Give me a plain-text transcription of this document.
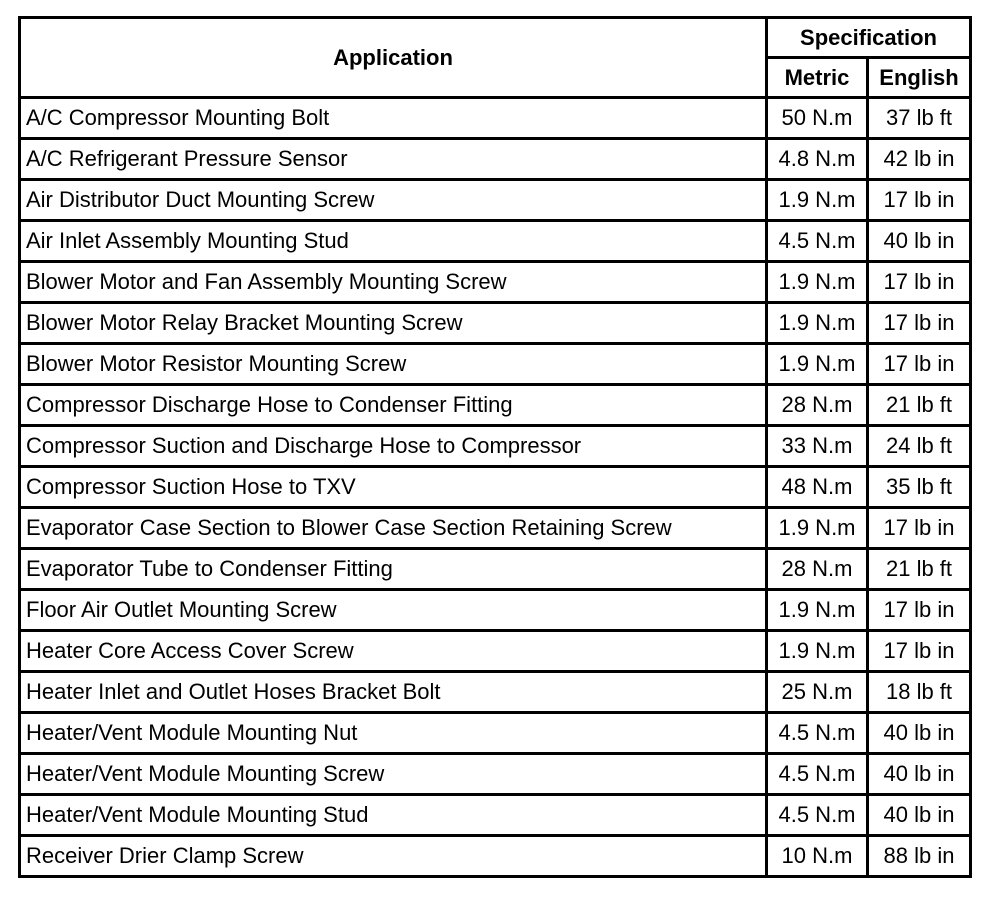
Application	Specification	
	Metric	English
A/C Compressor Mounting Bolt	50 N.m	37 lb ft
A/C Refrigerant Pressure Sensor	4.8 N.m	42 lb in
Air Distributor Duct Mounting Screw	1.9 N.m	17 lb in
Air Inlet Assembly Mounting Stud	4.5 N.m	40 lb in
Blower Motor and Fan Assembly Mounting Screw	1.9 N.m	17 lb in
Blower Motor Relay Bracket Mounting Screw	1.9 N.m	17 lb in
Blower Motor Resistor Mounting Screw	1.9 N.m	17 lb in
Compressor Discharge Hose to Condenser Fitting	28 N.m	21 lb ft
Compressor Suction and Discharge Hose to Compressor	33 N.m	24 lb ft
Compressor Suction Hose to TXV	48 N.m	35 lb ft
Evaporator Case Section to Blower Case Section Retaining Screw	1.9 N.m	17 lb in
Evaporator Tube to Condenser Fitting	28 N.m	21 lb ft
Floor Air Outlet Mounting Screw	1.9 N.m	17 lb in
Heater Core Access Cover Screw	1.9 N.m	17 lb in
Heater Inlet and Outlet Hoses Bracket Bolt	25 N.m	18 lb ft
Heater/Vent Module Mounting Nut	4.5 N.m	40 lb in
Heater/Vent Module Mounting Screw	4.5 N.m	40 lb in
Heater/Vent Module Mounting Stud	4.5 N.m	40 lb in
Receiver Drier Clamp Screw	10 N.m	88 lb in
